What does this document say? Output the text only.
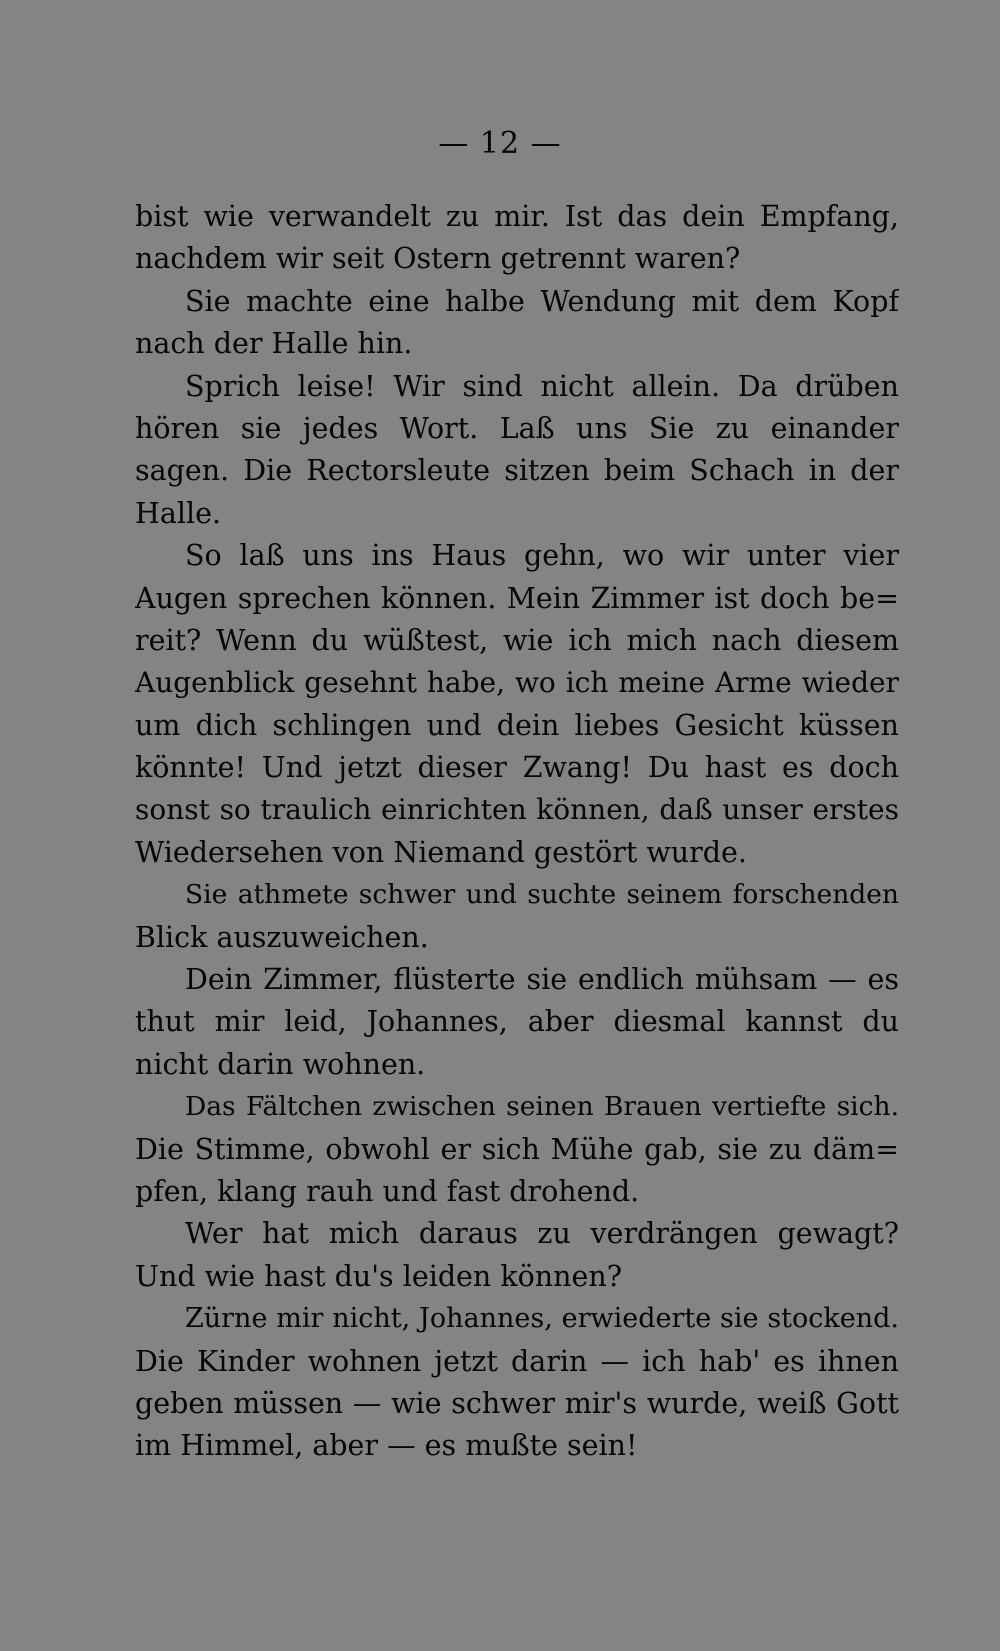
— 12 —
bist wie verwandelt zu mir. Ist das dein Empfang,
nachdem wir seit Ostern getrennt waren?
Sie machte eine halbe Wendung mit dem Kopf
nach der Halle hin.
Sprich leise! Wir sind nicht allein. Da drüben
hören sie jedes Wort. Laß uns Sie zu einander
sagen. Die Rectorsleute sitzen beim Schach in der
Halle.
So laß uns ins Haus gehn, wo wir unter vier
Augen sprechen können. Mein Zimmer ist doch be=
reit? Wenn du wüßtest, wie ich mich nach diesem
Augenblick gesehnt habe, wo ich meine Arme wieder
um dich schlingen und dein liebes Gesicht küssen
könnte! Und jetzt dieser Zwang! Du hast es doch
sonst so traulich einrichten können, daß unser erstes
Wiedersehen von Niemand gestört wurde.
Sie athmete schwer und suchte seinem forschenden
Blick auszuweichen.
Dein Zimmer, flüsterte sie endlich mühsam — es
thut mir leid, Johannes, aber diesmal kannst du
nicht darin wohnen.
Das Fältchen zwischen seinen Brauen vertiefte sich.
Die Stimme, obwohl er sich Mühe gab, sie zu däm=
pfen, klang rauh und fast drohend.
Wer hat mich daraus zu verdrängen gewagt?
Und wie hast du's leiden können?
Zürne mir nicht, Johannes, erwiederte sie stockend.
Die Kinder wohnen jetzt darin — ich hab' es ihnen
geben müssen — wie schwer mir's wurde, weiß Gott
im Himmel, aber — es mußte sein!
